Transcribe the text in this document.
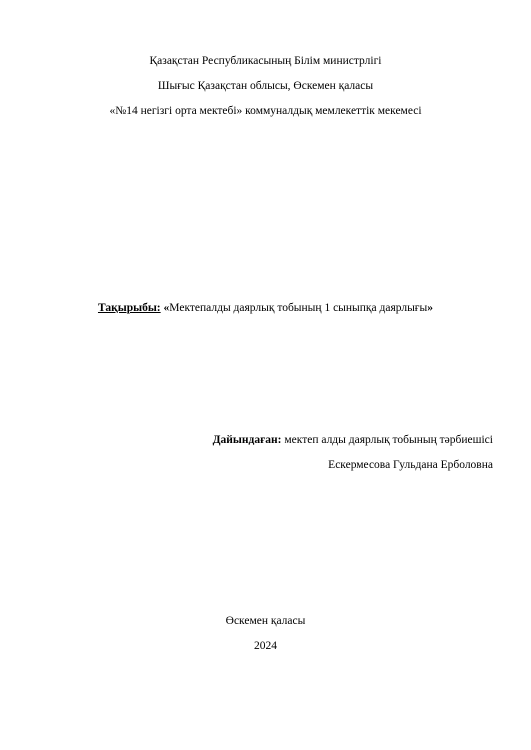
Қазақстан Республикасының Білім министрлігі
Шығыс Қазақстан облысы, Өскемен қаласы
«№14 негізгі орта мектебі» коммуналдық мемлекеттік мекемесі
Тақырыбы: «Мектепалды даярлық тобының 1 сыныпқа даярлығы»
Дайындаған: мектеп алды даярлық тобының тәрбиешісі
Ескермесова Гульдана Ерболовна
Өскемен қаласы
2024
